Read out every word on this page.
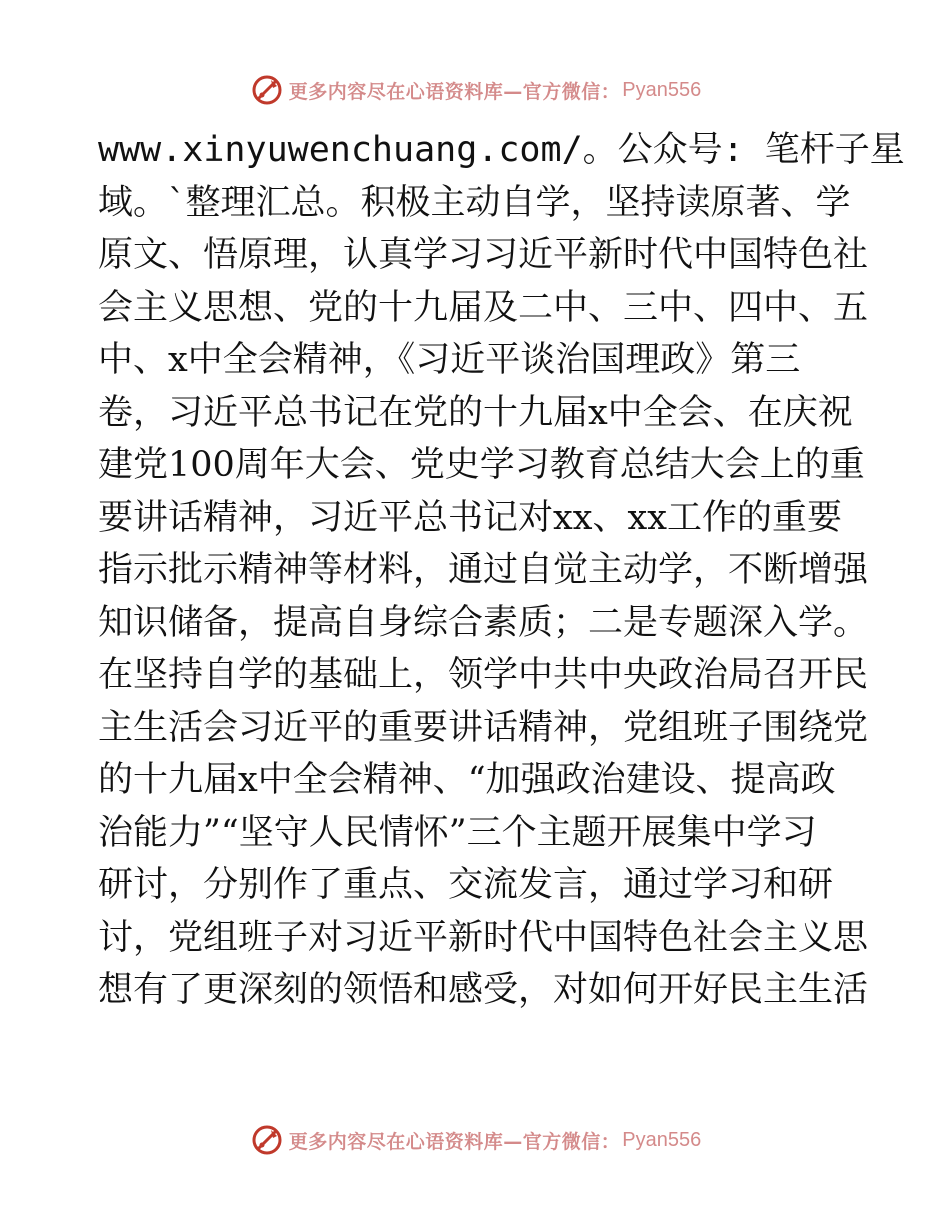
更多内容尽在心语资料库—官方微信： Pyan556
www.xinyuwenchuang.com/。公众号: 笔杆子星
域。`整理汇总。积极主动自学，坚持读原著、学
原文、悟原理，认真学习习近平新时代中国特色社
会主义思想、党的十九届及二中、三中、四中、五
中、x中全会精神，《习近平谈治国理政》第三
卷，习近平总书记在党的十九届x中全会、在庆祝
建党100周年大会、党史学习教育总结大会上的重
要讲话精神，习近平总书记对xx、xx工作的重要
指示批示精神等材料，通过自觉主动学，不断增强
知识储备，提高自身综合素质；二是专题深入学。
在坚持自学的基础上，领学中共中央政治局召开民
主生活会习近平的重要讲话精神，党组班子围绕党
的十九届x中全会精神、“加强政治建设、提高政
治能力”“坚守人民情怀”三个主题开展集中学习
研讨，分别作了重点、交流发言，通过学习和研
讨，党组班子对习近平新时代中国特色社会主义思
想有了更深刻的领悟和感受，对如何开好民主生活
更多内容尽在心语资料库—官方微信： Pyan556
